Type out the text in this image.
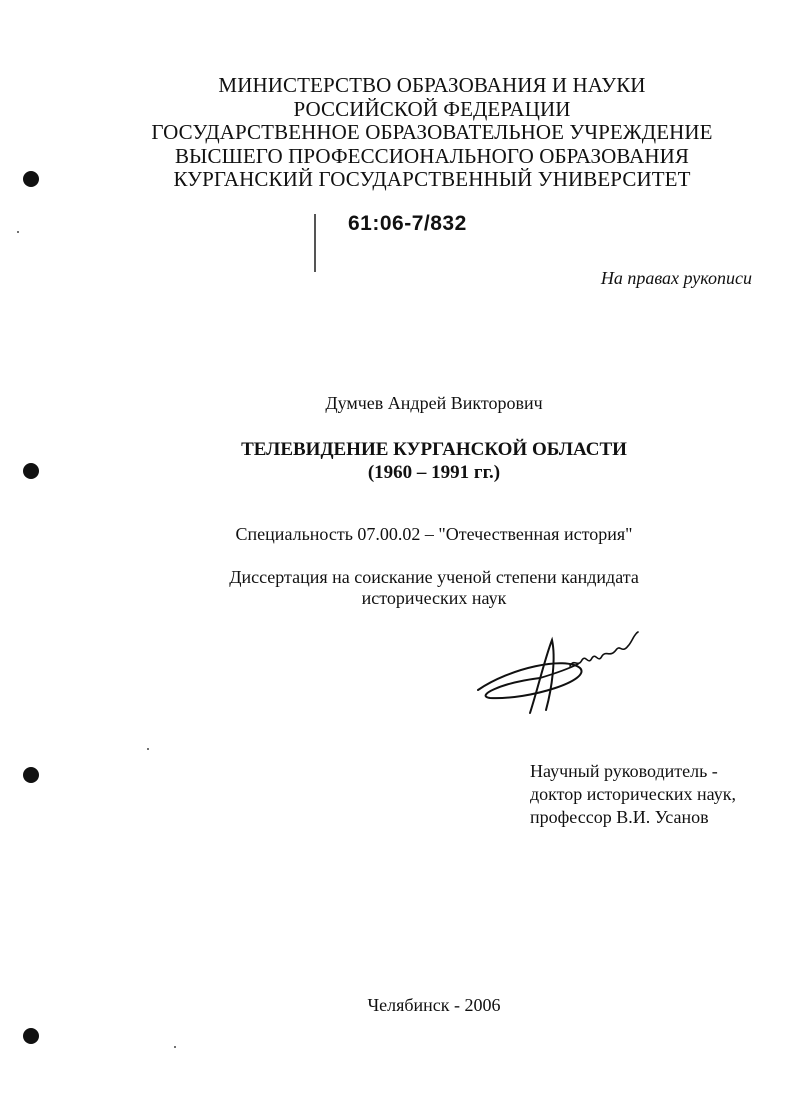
МИНИСТЕРСТВО ОБРАЗОВАНИЯ И НАУКИ
РОССИЙСКОЙ ФЕДЕРАЦИИ
ГОСУДАРСТВЕННОЕ ОБРАЗОВАТЕЛЬНОЕ УЧРЕЖДЕНИЕ
ВЫСШЕГО ПРОФЕССИОНАЛЬНОГО ОБРАЗОВАНИЯ
КУРГАНСКИЙ ГОСУДАРСТВЕННЫЙ УНИВЕРСИТЕТ
61:06-7/832
На правах рукописи
Думчев Андрей Викторович
ТЕЛЕВИДЕНИЕ КУРГАНСКОЙ ОБЛАСТИ
(1960 – 1991 гг.)
Специальность 07.00.02 – "Отечественная история"
Диссертация на соискание ученой степени кандидата
исторических наук
Научный руководитель -
доктор исторических наук,
профессор В.И. Усанов
Челябинск - 2006
